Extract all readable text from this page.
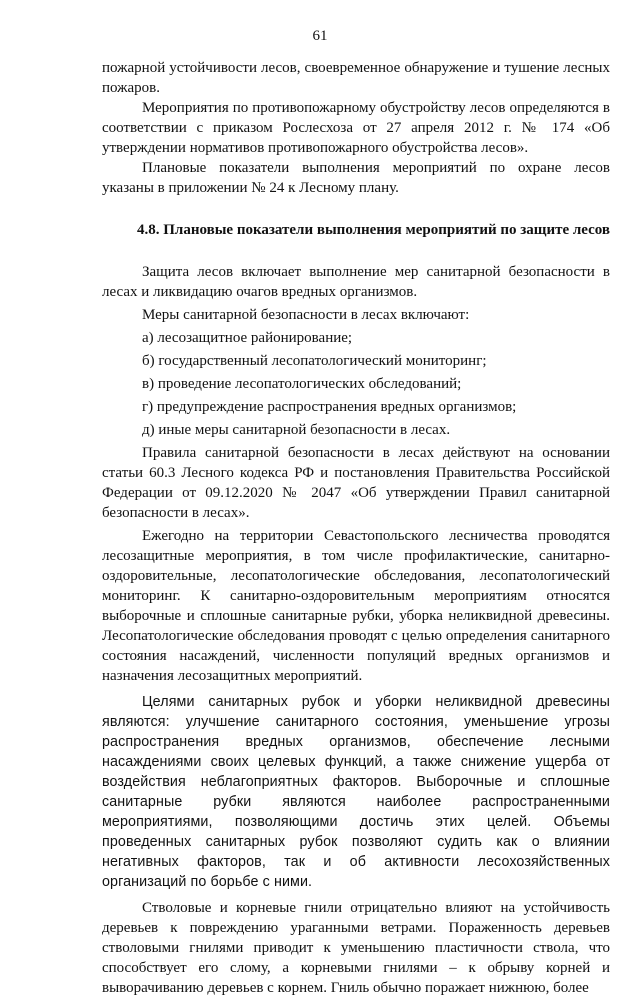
61

пожарной устойчивости лесов, своевременное обнаружение и тушение лесных пожаров.

Мероприятия по противопожарному обустройству лесов определяются в соответствии с приказом Рослесхоза от 27 апреля 2012 г. № 174 «Об утверждении нормативов противопожарного обустройства лесов».

Плановые показатели выполнения мероприятий по охране лесов указаны в приложении № 24 к Лесному плану.

4.8. Плановые показатели выполнения мероприятий по защите лесов

Защита лесов включает выполнение мер санитарной безопасности в лесах и ликвидацию очагов вредных организмов.

Меры санитарной безопасности в лесах включают:

а) лесозащитное районирование;
б) государственный лесопатологический мониторинг;
в) проведение лесопатологических обследований;
г) предупреждение распространения вредных организмов;
д) иные меры санитарной безопасности в лесах.

Правила санитарной безопасности в лесах действуют на основании статьи 60.3 Лесного кодекса РФ и постановления Правительства Российской Федерации от 09.12.2020 № 2047 «Об утверждении Правил санитарной безопасности в лесах».

Ежегодно на территории Севастопольского лесничества проводятся лесозащитные мероприятия, в том числе профилактические, санитарно-оздоровительные, лесопатологические обследования, лесопатологический мониторинг. К санитарно-оздоровительным мероприятиям относятся выборочные и сплошные санитарные рубки, уборка неликвидной древесины. Лесопатологические обследования проводят с целью определения санитарного состояния насаждений, численности популяций вредных организмов и назначения лесозащитных мероприятий.

Целями санитарных рубок и уборки неликвидной древесины являются: улучшение санитарного состояния, уменьшение угрозы распространения вредных организмов, обеспечение лесными насаждениями своих целевых функций, а также снижение ущерба от воздействия неблагоприятных факторов. Выборочные и сплошные санитарные рубки являются наиболее распространенными мероприятиями, позволяющими достичь этих целей. Объемы проведенных санитарных рубок позволяют судить как о влиянии негативных факторов, так и об активности лесохозяйственных организаций по борьбе с ними.

Стволовые и корневые гнили отрицательно влияют на устойчивость деревьев к повреждению ураганными ветрами. Пораженность деревьев стволовыми гнилями приводит к уменьшению пластичности ствола, что способствует его слому, а корневыми гнилями – к обрыву корней и выворачиванию деревьев с корнем. Гниль обычно поражает нижнюю, более
